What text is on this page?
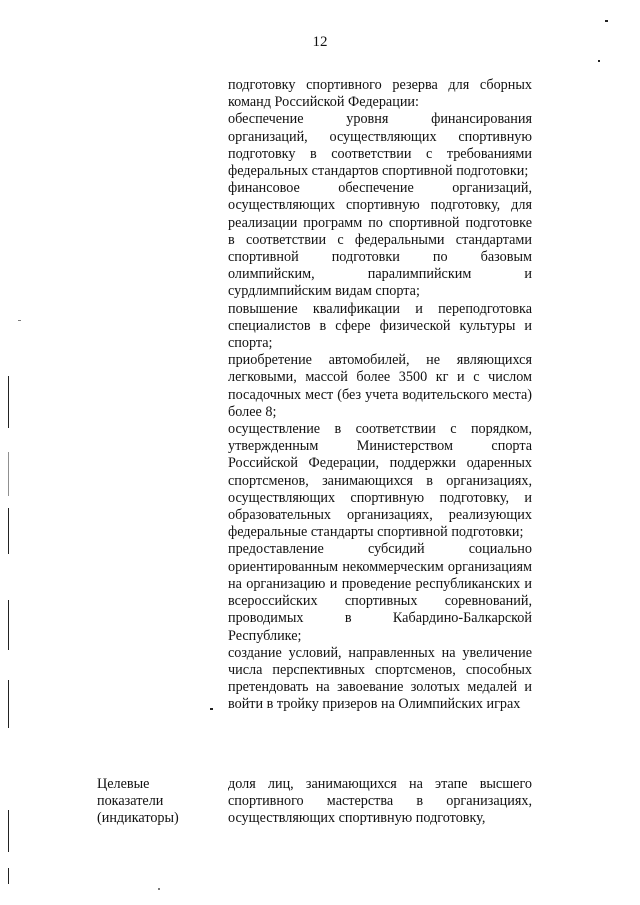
12

подготовку спортивного резерва для сборных команд Российской Федерации:

обеспечение уровня финансирования организаций, осуществляющих спортивную подготовку в соответствии с требованиями федеральных стандартов спортивной подготовки;

финансовое обеспечение организаций, осуществляющих спортивную подготовку, для реализации программ по спортивной подготовке в соответствии с федеральными стандартами спортивной подготовки по базовым олимпийским, паралимпийским и сурдлимпийским видам спорта;

повышение квалификации и переподготовка специалистов в сфере физической культуры и спорта;

приобретение автомобилей, не являющихся легковыми, массой более 3500 кг и с числом посадочных мест (без учета водительского места) более 8;

осуществление в соответствии с порядком, утвержденным Министерством спорта Российской Федерации, поддержки одаренных спортсменов, занимающихся в организациях, осуществляющих спортивную подготовку, и образовательных организациях, реализующих федеральные стандарты спортивной подготовки;

предоставление субсидий социально ориентированным некоммерческим организациям на организацию и проведение республиканских и всероссийских спортивных соревнований, проводимых в Кабардино-Балкарской Республике;

создание условий, направленных на увеличение числа перспективных спортсменов, способных претендовать на завоевание золотых медалей и войти в тройку призеров на Олимпийских играх

Целевые
показатели
(индикаторы)

доля лиц, занимающихся на этапе высшего спортивного мастерства в организациях, осуществляющих спортивную подготовку,
